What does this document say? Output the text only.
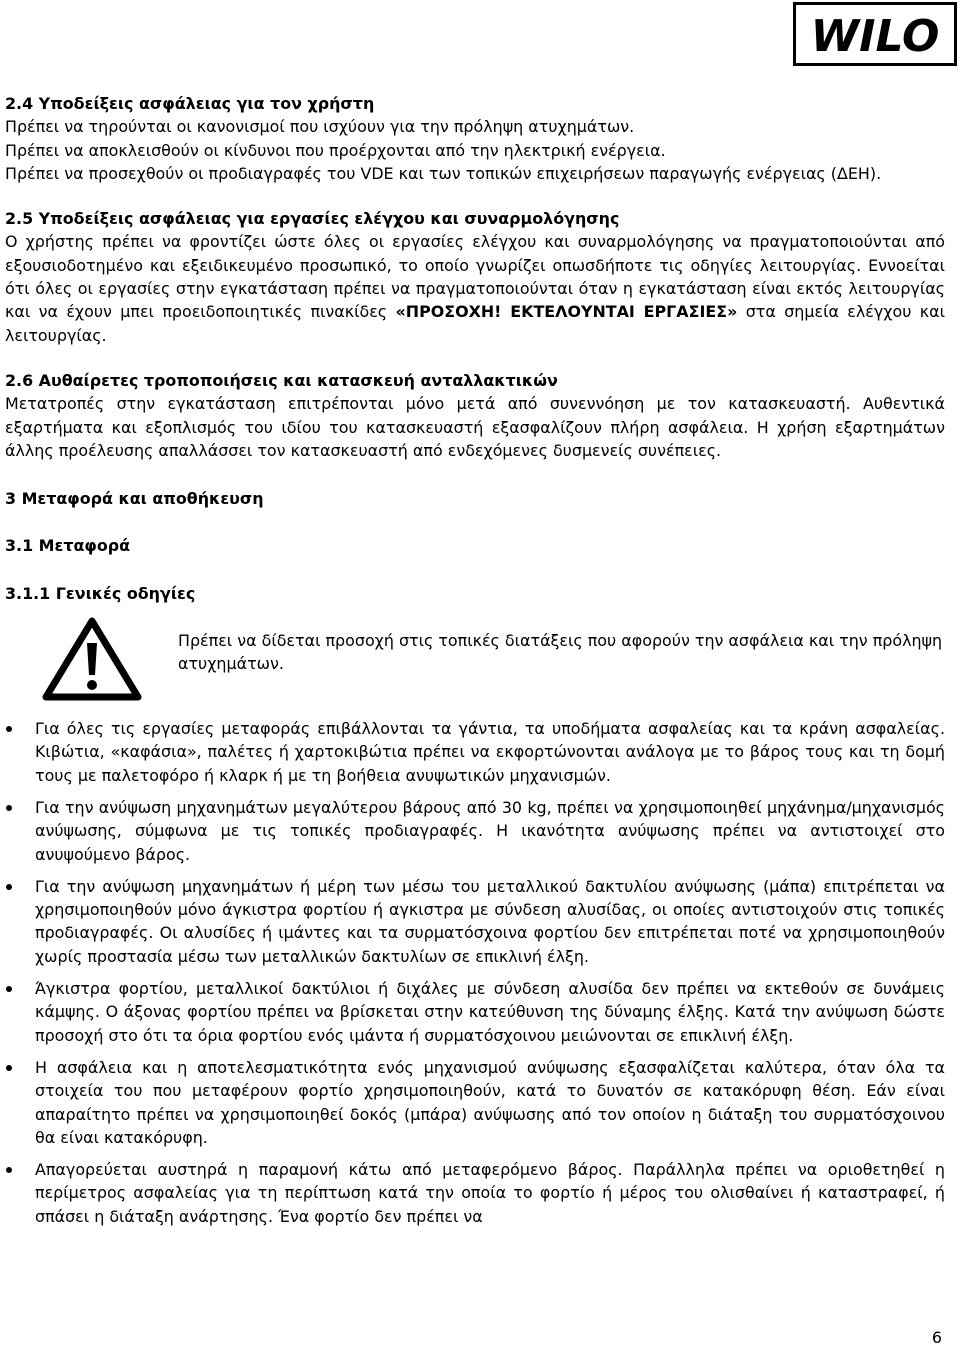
WILO

2.4 Υποδείξεις ασφάλειας για τον χρήστη

Πρέπει να τηρούνται οι κανονισμοί που ισχύουν για την πρόληψη ατυχημάτων.

Πρέπει να αποκλεισθούν οι κίνδυνοι που προέρχονται από την ηλεκτρική ενέργεια.

Πρέπει να προσεχθούν οι προδιαγραφές του VDE και των τοπικών επιχειρήσεων παραγωγής ενέργειας (ΔΕΗ).

2.5 Υποδείξεις ασφάλειας για εργασίες ελέγχου και συναρμολόγησης

Ο χρήστης πρέπει να φροντίζει ώστε όλες οι εργασίες ελέγχου και συναρμολόγησης να πραγματοποιούνται από εξουσιοδοτημένο και εξειδικευμένο προσωπικό, το οποίο γνωρίζει οπωσδήποτε τις οδηγίες λειτουργίας. Εννοείται ότι όλες οι εργασίες στην εγκατάσταση πρέπει να πραγματοποιούνται όταν η εγκατάσταση είναι εκτός λειτουργίας και να έχουν μπει προειδοποιητικές πινακίδες «ΠΡΟΣΟΧΗ! ΕΚΤΕΛΟΥΝΤΑΙ ΕΡΓΑΣΙΕΣ» στα σημεία ελέγχου και λειτουργίας.

2.6 Αυθαίρετες τροποποιήσεις και κατασκευή ανταλλακτικών

Μετατροπές στην εγκατάσταση επιτρέπονται μόνο μετά από συνεννόηση με τον κατασκευαστή. Αυθεντικά εξαρτήματα και εξοπλισμός του ιδίου του κατασκευαστή εξασφαλίζουν πλήρη ασφάλεια. Η χρήση εξαρτημάτων άλλης προέλευσης απαλλάσσει τον κατασκευαστή από ενδεχόμενες δυσμενείς συνέπειες.

3 Μεταφορά και αποθήκευση

3.1 Μεταφορά

3.1.1 Γενικές οδηγίες

Πρέπει να δίδεται προσοχή στις τοπικές διατάξεις που αφορούν την ασφάλεια και την πρόληψη ατυχημάτων.

Για όλες τις εργασίες μεταφοράς επιβάλλονται τα γάντια, τα υποδήματα ασφαλείας και τα κράνη ασφαλείας. Κιβώτια, «καφάσια», παλέτες ή χαρτοκιβώτια πρέπει να εκφορτώνονται ανάλογα με το βάρος τους και τη δομή τους με παλετοφόρο ή κλαρκ ή με τη βοήθεια ανυψωτικών μηχανισμών.
Για την ανύψωση μηχανημάτων μεγαλύτερου βάρους από 30 kg, πρέπει να χρησιμοποιηθεί μηχάνημα/μηχανισμός ανύψωσης, σύμφωνα με τις τοπικές προδιαγραφές. Η ικανότητα ανύψωσης πρέπει να αντιστοιχεί στο ανυψούμενο βάρος.
Για την ανύψωση μηχανημάτων ή μέρη των μέσω του μεταλλικού δακτυλίου ανύψωσης (μάπα) επιτρέπεται να χρησιμοποιηθούν μόνο άγκιστρα φορτίου ή αγκιστρα με σύνδεση αλυσίδας, οι οποίες αντιστοιχούν στις τοπικές προδιαγραφές. Οι αλυσίδες ή ιμάντες και τα συρματόσχοινα φορτίου δεν επιτρέπεται ποτέ να χρησιμοποιηθούν χωρίς προστασία μέσω των μεταλλικών δακτυλίων σε επικλινή έλξη.
Άγκιστρα φορτίου, μεταλλικοί δακτύλιοι ή διχάλες με σύνδεση αλυσίδα δεν πρέπει να εκτεθούν σε δυνάμεις κάμψης. Ο άξονας φορτίου πρέπει να βρίσκεται στην κατεύθυνση της δύναμης έλξης. Κατά την ανύψωση δώστε προσοχή στο ότι τα όρια φορτίου ενός ιμάντα ή συρματόσχοινου μειώνονται σε επικλινή έλξη.
Η ασφάλεια και η αποτελεσματικότητα ενός μηχανισμού ανύψωσης εξασφαλίζεται καλύτερα, όταν όλα τα στοιχεία του που μεταφέρουν φορτίο χρησιμοποιηθούν, κατά το δυνατόν σε κατακόρυφη θέση. Εάν είναι απαραίτητο πρέπει να χρησιμοποιηθεί δοκός (μπάρα) ανύψωσης από τον οποίον η διάταξη του συρματόσχοινου θα είναι κατακόρυφη.
Απαγορεύεται αυστηρά η παραμονή κάτω από μεταφερόμενο βάρος. Παράλληλα πρέπει να οριοθετηθεί η περίμετρος ασφαλείας για τη περίπτωση κατά την οποία το φορτίο ή μέρος του ολισθαίνει ή καταστραφεί, ή σπάσει η διάταξη ανάρτησης. Ένα φορτίο δεν πρέπει να
6
